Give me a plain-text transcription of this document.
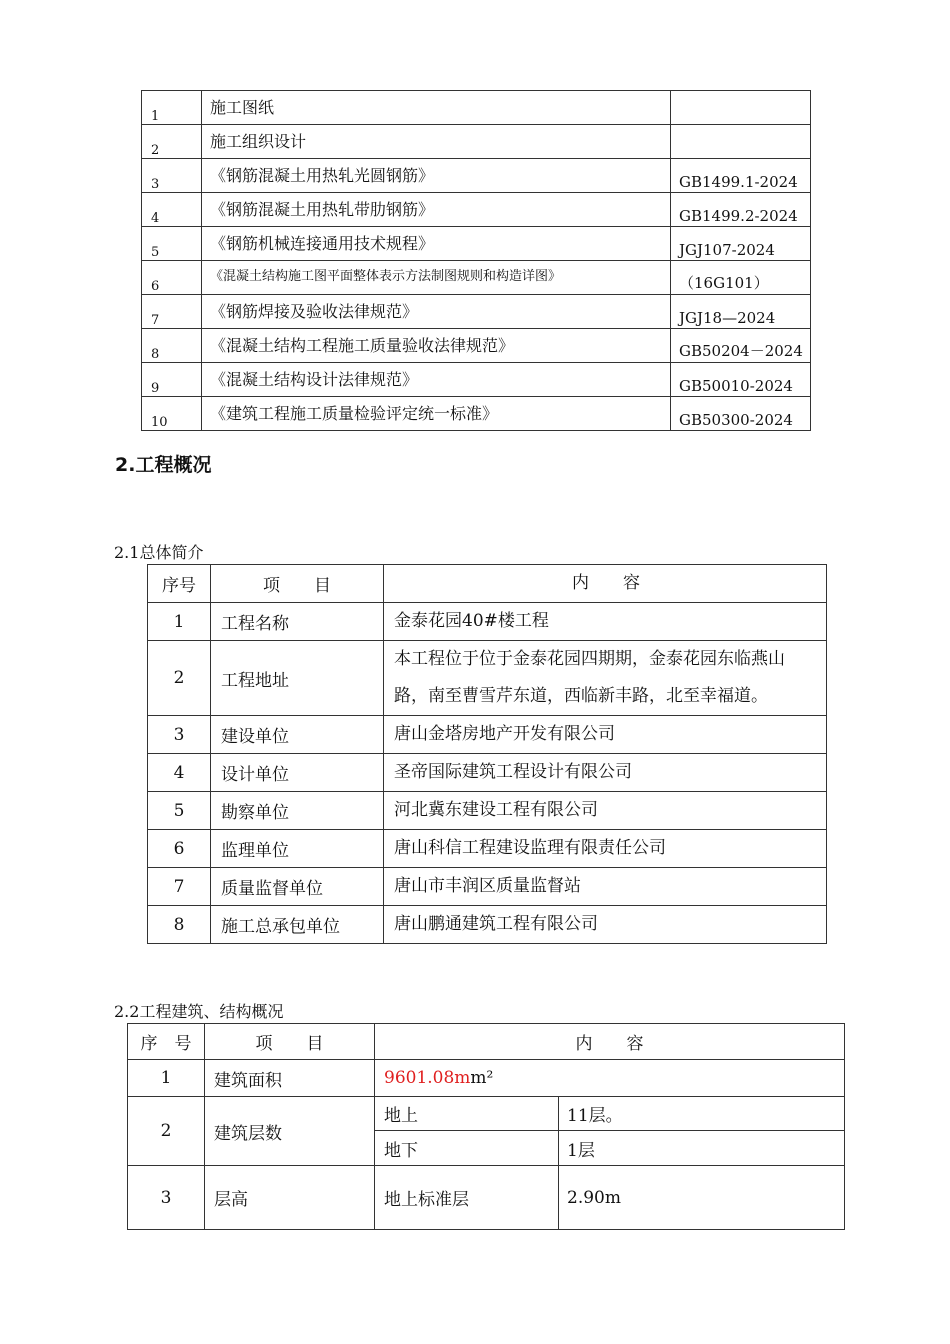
1	施工图纸	
2	施工组织设计	
3	《钢筋混凝土用热轧光圆钢筋》	GB1499.1-2024
4	《钢筋混凝土用热轧带肋钢筋》	GB1499.2-2024
5	《钢筋机械连接通用技术规程》	JGJ107-2024
6	《混凝土结构施工图平面整体表示方法制图规则和构造详图》	（16G101）
7	《钢筋焊接及验收法律规范》	JGJ18—2024
8	《混凝土结构工程施工质量验收法律规范》	GB50204－2024
9	《混凝土结构设计法律规范》	GB50010-2024
10	《建筑工程施工质量检验评定统一标准》	GB50300-2024
2.工程概况
2.1总体简介
序号	项　　目	内　　容
1	工程名称	金泰花园40#楼工程
2	工程地址	本工程位于位于金泰花园四期期，金泰花园东临燕山路，南至曹雪芹东道，西临新丰路，北至幸福道。
3	建设单位	唐山金塔房地产开发有限公司
4	设计单位	圣帝国际建筑工程设计有限公司
5	勘察单位	河北冀东建设工程有限公司
6	监理单位	唐山科信工程建设监理有限责任公司
7	质量监督单位	唐山市丰润区质量监督站
8	施工总承包单位	唐山鹏通建筑工程有限公司
2.2工程建筑、结构概况
序　号	项　　目	内　　容	
1	建筑面积	9601.08mm²	
2	建筑层数	地上	11层。
		地下	1层
3	层高	地上标准层	2.90m
